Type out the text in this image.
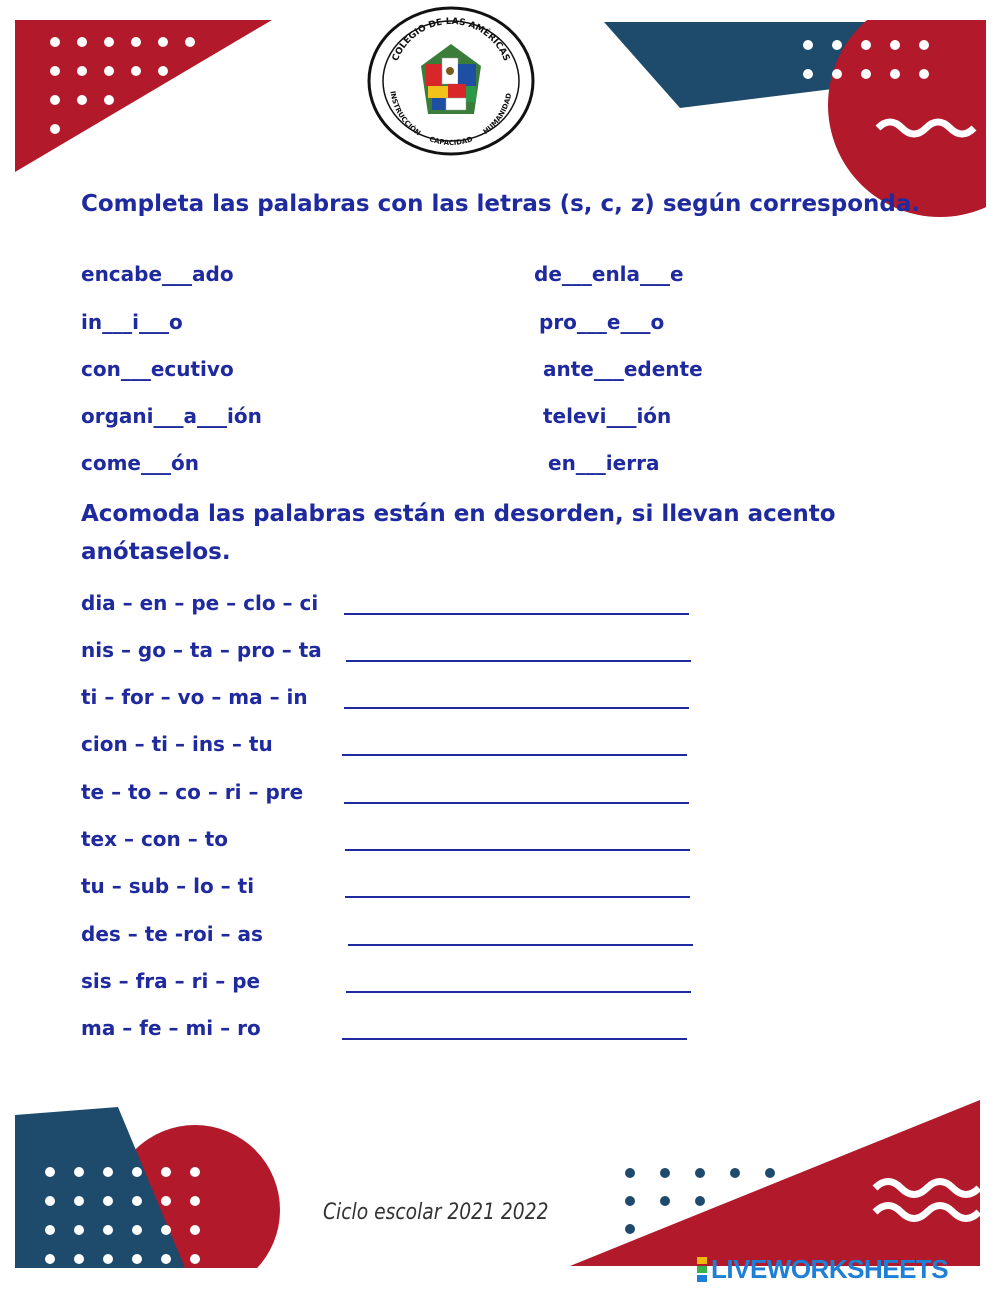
COLEGIO DE LAS AMÉRICAS
INSTRUCCIÓN
CAPACIDAD
HUMANIDAD
Completa las palabras con las letras (s, c, z) según corresponda.
encabe___ado
in___i___o
con___ecutivo
organi___a___ión
come___ón
de___enla___e
pro___e___o
ante___edente
televi___ión
en___ierra
Acomoda las palabras están en desorden, si llevan acento
anótaselos.
dia – en – pe – clo – ci
nis – go – ta – pro – ta
ti – for – vo – ma – in
cion – ti – ins – tu
te – to – co – ri – pre
tex – con – to
tu – sub – lo – ti
des – te -roi – as
sis – fra – ri – pe
ma – fe – mi – ro
Ciclo escolar 2021 2022
LIVEWORKSHEETS
